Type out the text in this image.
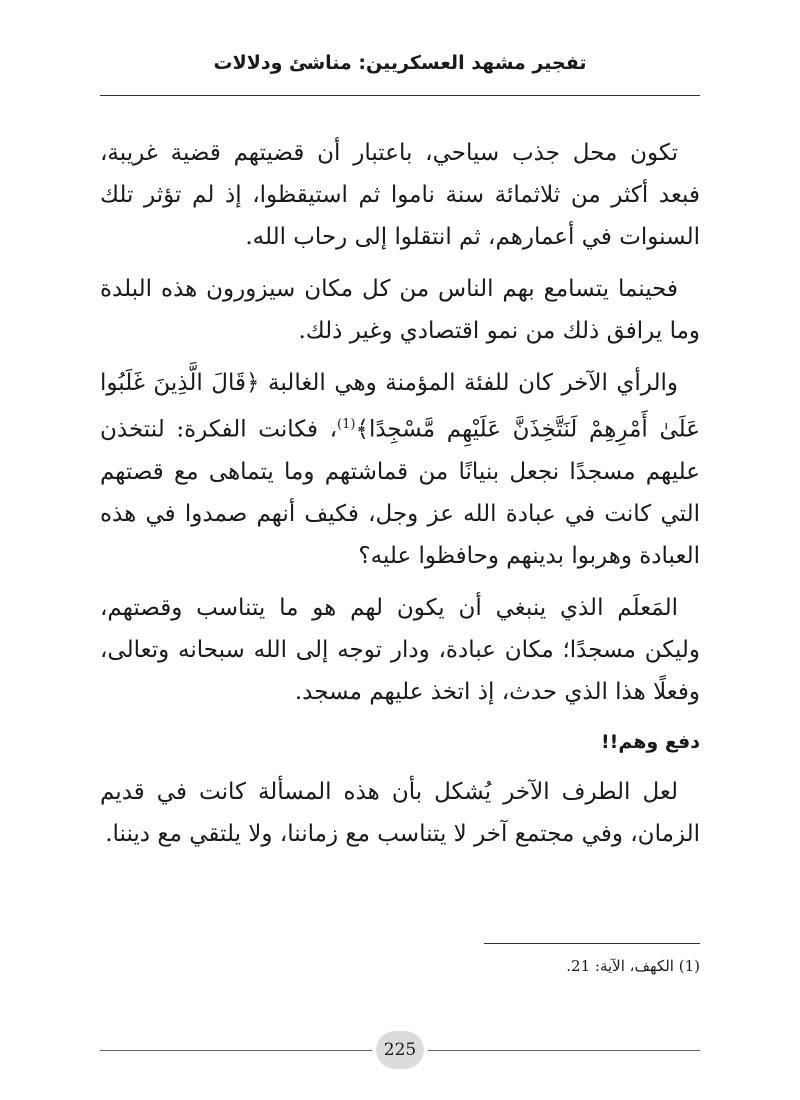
تفجير مشهد العسكريين: مناشئ ودلالات

تكون محل جذب سياحي، باعتبار أن قضيتهم قضية غريبة، فبعد أكثر من ثلاثمائة سنة ناموا ثم استيقظوا، إذ لم تؤثر تلك السنوات في أعمارهم، ثم انتقلوا إلى رحاب الله.

فحينما يتسامع بهم الناس من كل مكان سيزورون هذه البلدة وما يرافق ذلك من نمو اقتصادي وغير ذلك.

والرأي الآخر كان للفئة المؤمنة وهي الغالبة ﴿قَالَ الَّذِينَ غَلَبُوا عَلَىٰ أَمْرِهِمْ لَنَتَّخِذَنَّ عَلَيْهِم مَّسْجِدًا﴾$^{(1)}$، فكانت الفكرة: لنتخذن عليهم مسجدًا نجعل بنيانًا من قماشتهم وما يتماهى مع قصتهم التي كانت في عبادة الله عز وجل، فكيف أنهم صمدوا في هذه العبادة وهربوا بدينهم وحافظوا عليه؟

المَعلَم الذي ينبغي أن يكون لهم هو ما يتناسب وقصتهم، وليكن مسجدًا؛ مكان عبادة، ودار توجه إلى الله سبحانه وتعالى، وفعلًا هذا الذي حدث، إذ اتخذ عليهم مسجد.

دفع وهم!!

لعل الطرف الآخر يُشكل بأن هذه المسألة كانت في قديم الزمان، وفي مجتمع آخر لا يتناسب مع زماننا، ولا يلتقي مع ديننا.

(1) الكهف، الآية: 21.
225
